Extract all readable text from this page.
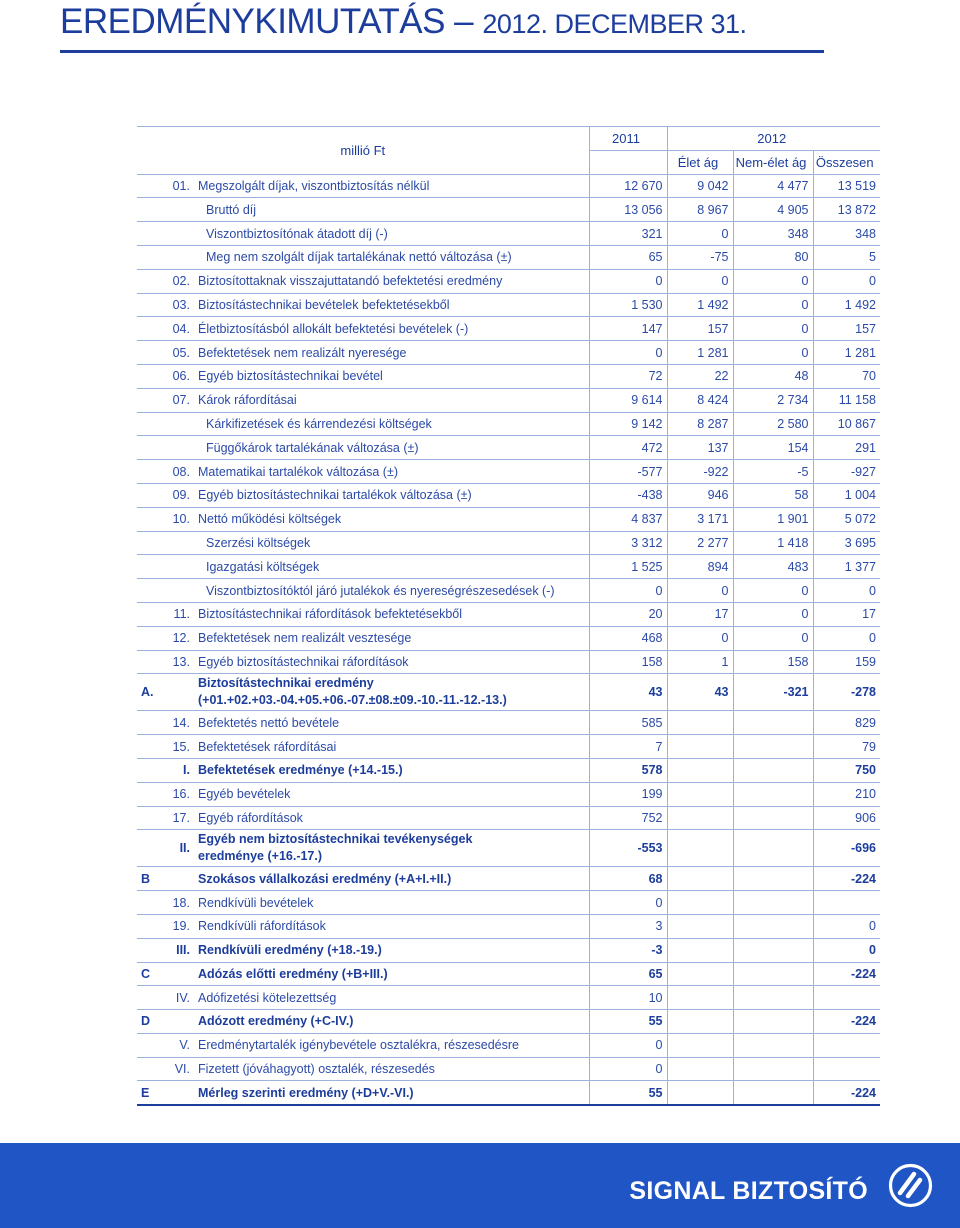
EREDMÉNYKIMUTATÁS – 2012. DECEMBER 31.
millió Ft			2011	2012		
				Élet ág	Nem-élet ág	Összesen
	01.	Megszolgált díjak, viszontbiztosítás nélkül	12 670	9 042	4 477	13 519
		Bruttó díj	13 056	8 967	4 905	13 872
		Viszontbiztosítónak átadott díj (-)	321	0	348	348
		Meg nem szolgált díjak tartalékának nettó változása (±)	65	-75	80	5
	02.	Biztosítottaknak visszajuttatandó befektetési eredmény	0	0	0	0
	03.	Biztosítástechnikai bevételek befektetésekből	1 530	1 492	0	1 492
	04.	Életbiztosításból allokált befektetési bevételek (-)	147	157	0	157
	05.	Befektetések nem realizált nyeresége	0	1 281	0	1 281
	06.	Egyéb biztosítástechnikai bevétel	72	22	48	70
	07.	Károk ráfordításai	9 614	8 424	2 734	11 158
		Kárkifizetések és kárrendezési költségek	9 142	8 287	2 580	10 867
		Függőkárok tartalékának változása (±)	472	137	154	291
	08.	Matematikai tartalékok változása (±)	-577	-922	-5	-927
	09.	Egyéb biztosítástechnikai tartalékok változása (±)	-438	946	58	1 004
	10.	Nettó működési költségek	4 837	3 171	1 901	5 072
		Szerzési költségek	3 312	2 277	1 418	3 695
		Igazgatási költségek	1 525	894	483	1 377
		Viszontbiztosítóktól járó jutalékok és nyereségrészesedések (-)	0	0	0	0
	11.	Biztosítástechnikai ráfordítások befektetésekből	20	17	0	17
	12.	Befektetések nem realizált vesztesége	468	0	0	0
	13.	Egyéb biztosítástechnikai ráfordítások	158	1	158	159
A.		Biztosítástechnikai eredmény
(+01.+02.+03.-04.+05.+06.-07.±08.±09.-10.-11.-12.-13.)	43	43	-321	-278
	14.	Befektetés nettó bevétele	585			829
	15.	Befektetések ráfordításai	7			79
	I.	Befektetések eredménye (+14.-15.)	578			750
	16.	Egyéb bevételek	199			210
	17.	Egyéb ráfordítások	752			906
	II.	Egyéb nem biztosítástechnikai tevékenységek
eredménye (+16.-17.)	-553			-696
B		Szokásos vállalkozási eredmény (+A+I.+II.)	68			-224
	18.	Rendkívüli bevételek	0			
	19.	Rendkívüli ráfordítások	3			0
	III.	Rendkívüli eredmény (+18.-19.)	-3			0
C		Adózás előtti eredmény (+B+III.)	65			-224
	IV.	Adófizetési kötelezettség	10			
D		Adózott eredmény (+C-IV.)	55			-224
	V.	Eredménytartalék igénybevétele osztalékra, részesedésre	0			
	VI.	Fizetett (jóváhagyott) osztalék, részesedés	0			
E		Mérleg szerinti eredmény (+D+V.-VI.)	55			-224
SIGNAL BIZTOSÍTÓ
